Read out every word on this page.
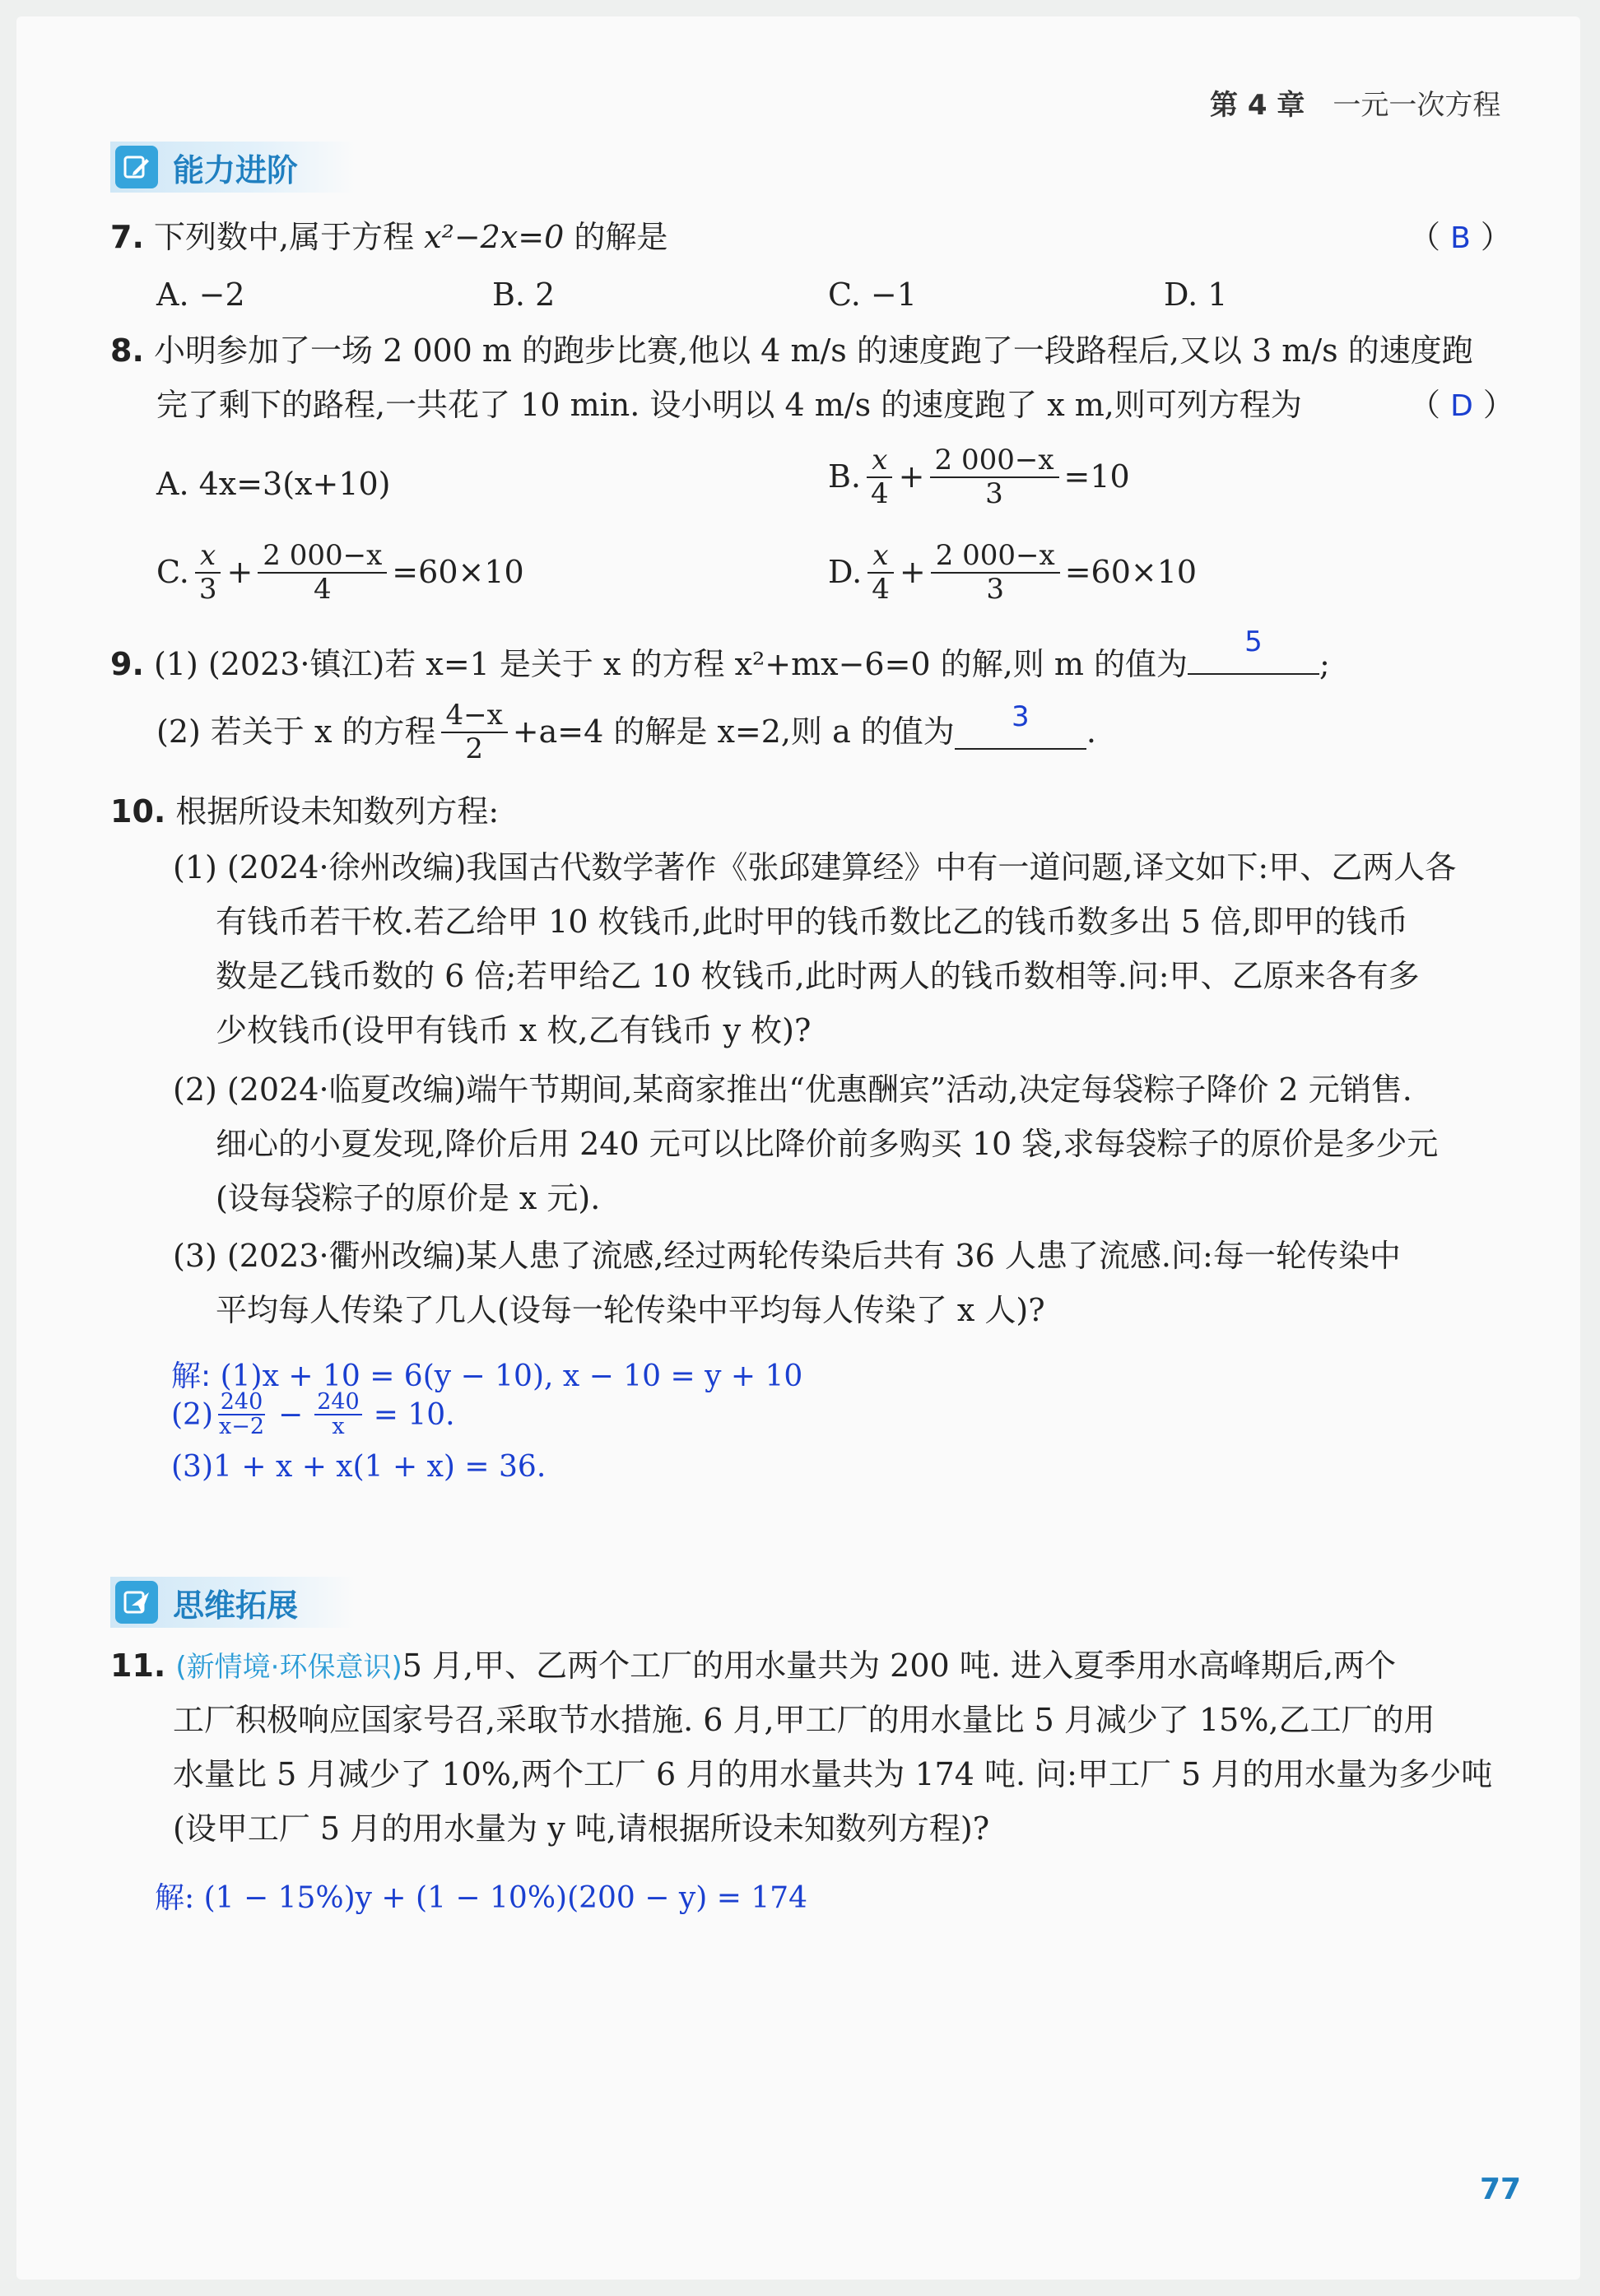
第 4 章 一元一次方程
能力进阶
7. 下列数中,属于方程 x²−2x=0 的解是	（ B ）
A. −2	B. 2	C. −1	D. 1
8. 小明参加了一场 2 000 m 的跑步比赛,他以 4 m/s 的速度跑了一段路程后,又以 3 m/s 的速度跑
完了剩下的路程,一共花了 10 min. 设小明以 4 m/s 的速度跑了 x m,则可列方程为	（ D ）
A. 4x=3(x+10)	B. $\frac{x}{4} + \frac{2 000-x}{3} =10$
C. $\frac{x}{3} + \frac{2 000-x}{4} =60\times 10$	D. $\frac{x}{4} + \frac{2 000-x}{3} =60\times 10$
9. (1) (2023·镇江)若 x=1 是关于 x 的方程 x²+mx−6=0 的解,则 m 的值为
5
;
(2) 若关于 x 的方程 $\frac{4-x}{2} +a=4$ 的解是 x=2,则 a 的值为	3	.
10. 根据所设未知数列方程:
(1) (2024·徐州改编)我国古代数学著作《张邱建算经》中有一道问题,译文如下:甲、乙两人各
有钱币若干枚.若乙给甲 10 枚钱币,此时甲的钱币数比乙的钱币数多出 5 倍,即甲的钱币
数是乙钱币数的 6 倍;若甲给乙 10 枚钱币,此时两人的钱币数相等.问:甲、乙原来各有多
少枚钱币(设甲有钱币 x 枚,乙有钱币 y 枚)?
(2) (2024·临夏改编)端午节期间,某商家推出“优惠酬宾”活动,决定每袋粽子降价 2 元销售.
细心的小夏发现,降价后用 240 元可以比降价前多购买 10 袋,求每袋粽子的原价是多少元
(设每袋粽子的原价是 x 元).
(3) (2023·衢州改编)某人患了流感,经过两轮传染后共有 36 人患了流感.问:每一轮传染中
平均每人传染了几人(设每一轮传染中平均每人传染了 x 人)?
解: (1)x + 10 = 6(y − 10), x − 10 = y + 10
$(2) \frac{240}{x-2} - \frac{240}{x} = 10$.
(3)1 + x + x(1 + x) = 36.
思维拓展
11. (新情境·环保意识)5 月,甲、乙两个工厂的用水量共为 200 吨. 进入夏季用水高峰期后,两个
工厂积极响应国家号召,采取节水措施. 6 月,甲工厂的用水量比 5 月减少了 15%,乙工厂的用
水量比 5 月减少了 10%,两个工厂 6 月的用水量共为 174 吨. 问:甲工厂 5 月的用水量为多少吨
(设甲工厂 5 月的用水量为 y 吨,请根据所设未知数列方程)?
解: (1 − 15%)y + (1 − 10%)(200 − y) = 174
77
